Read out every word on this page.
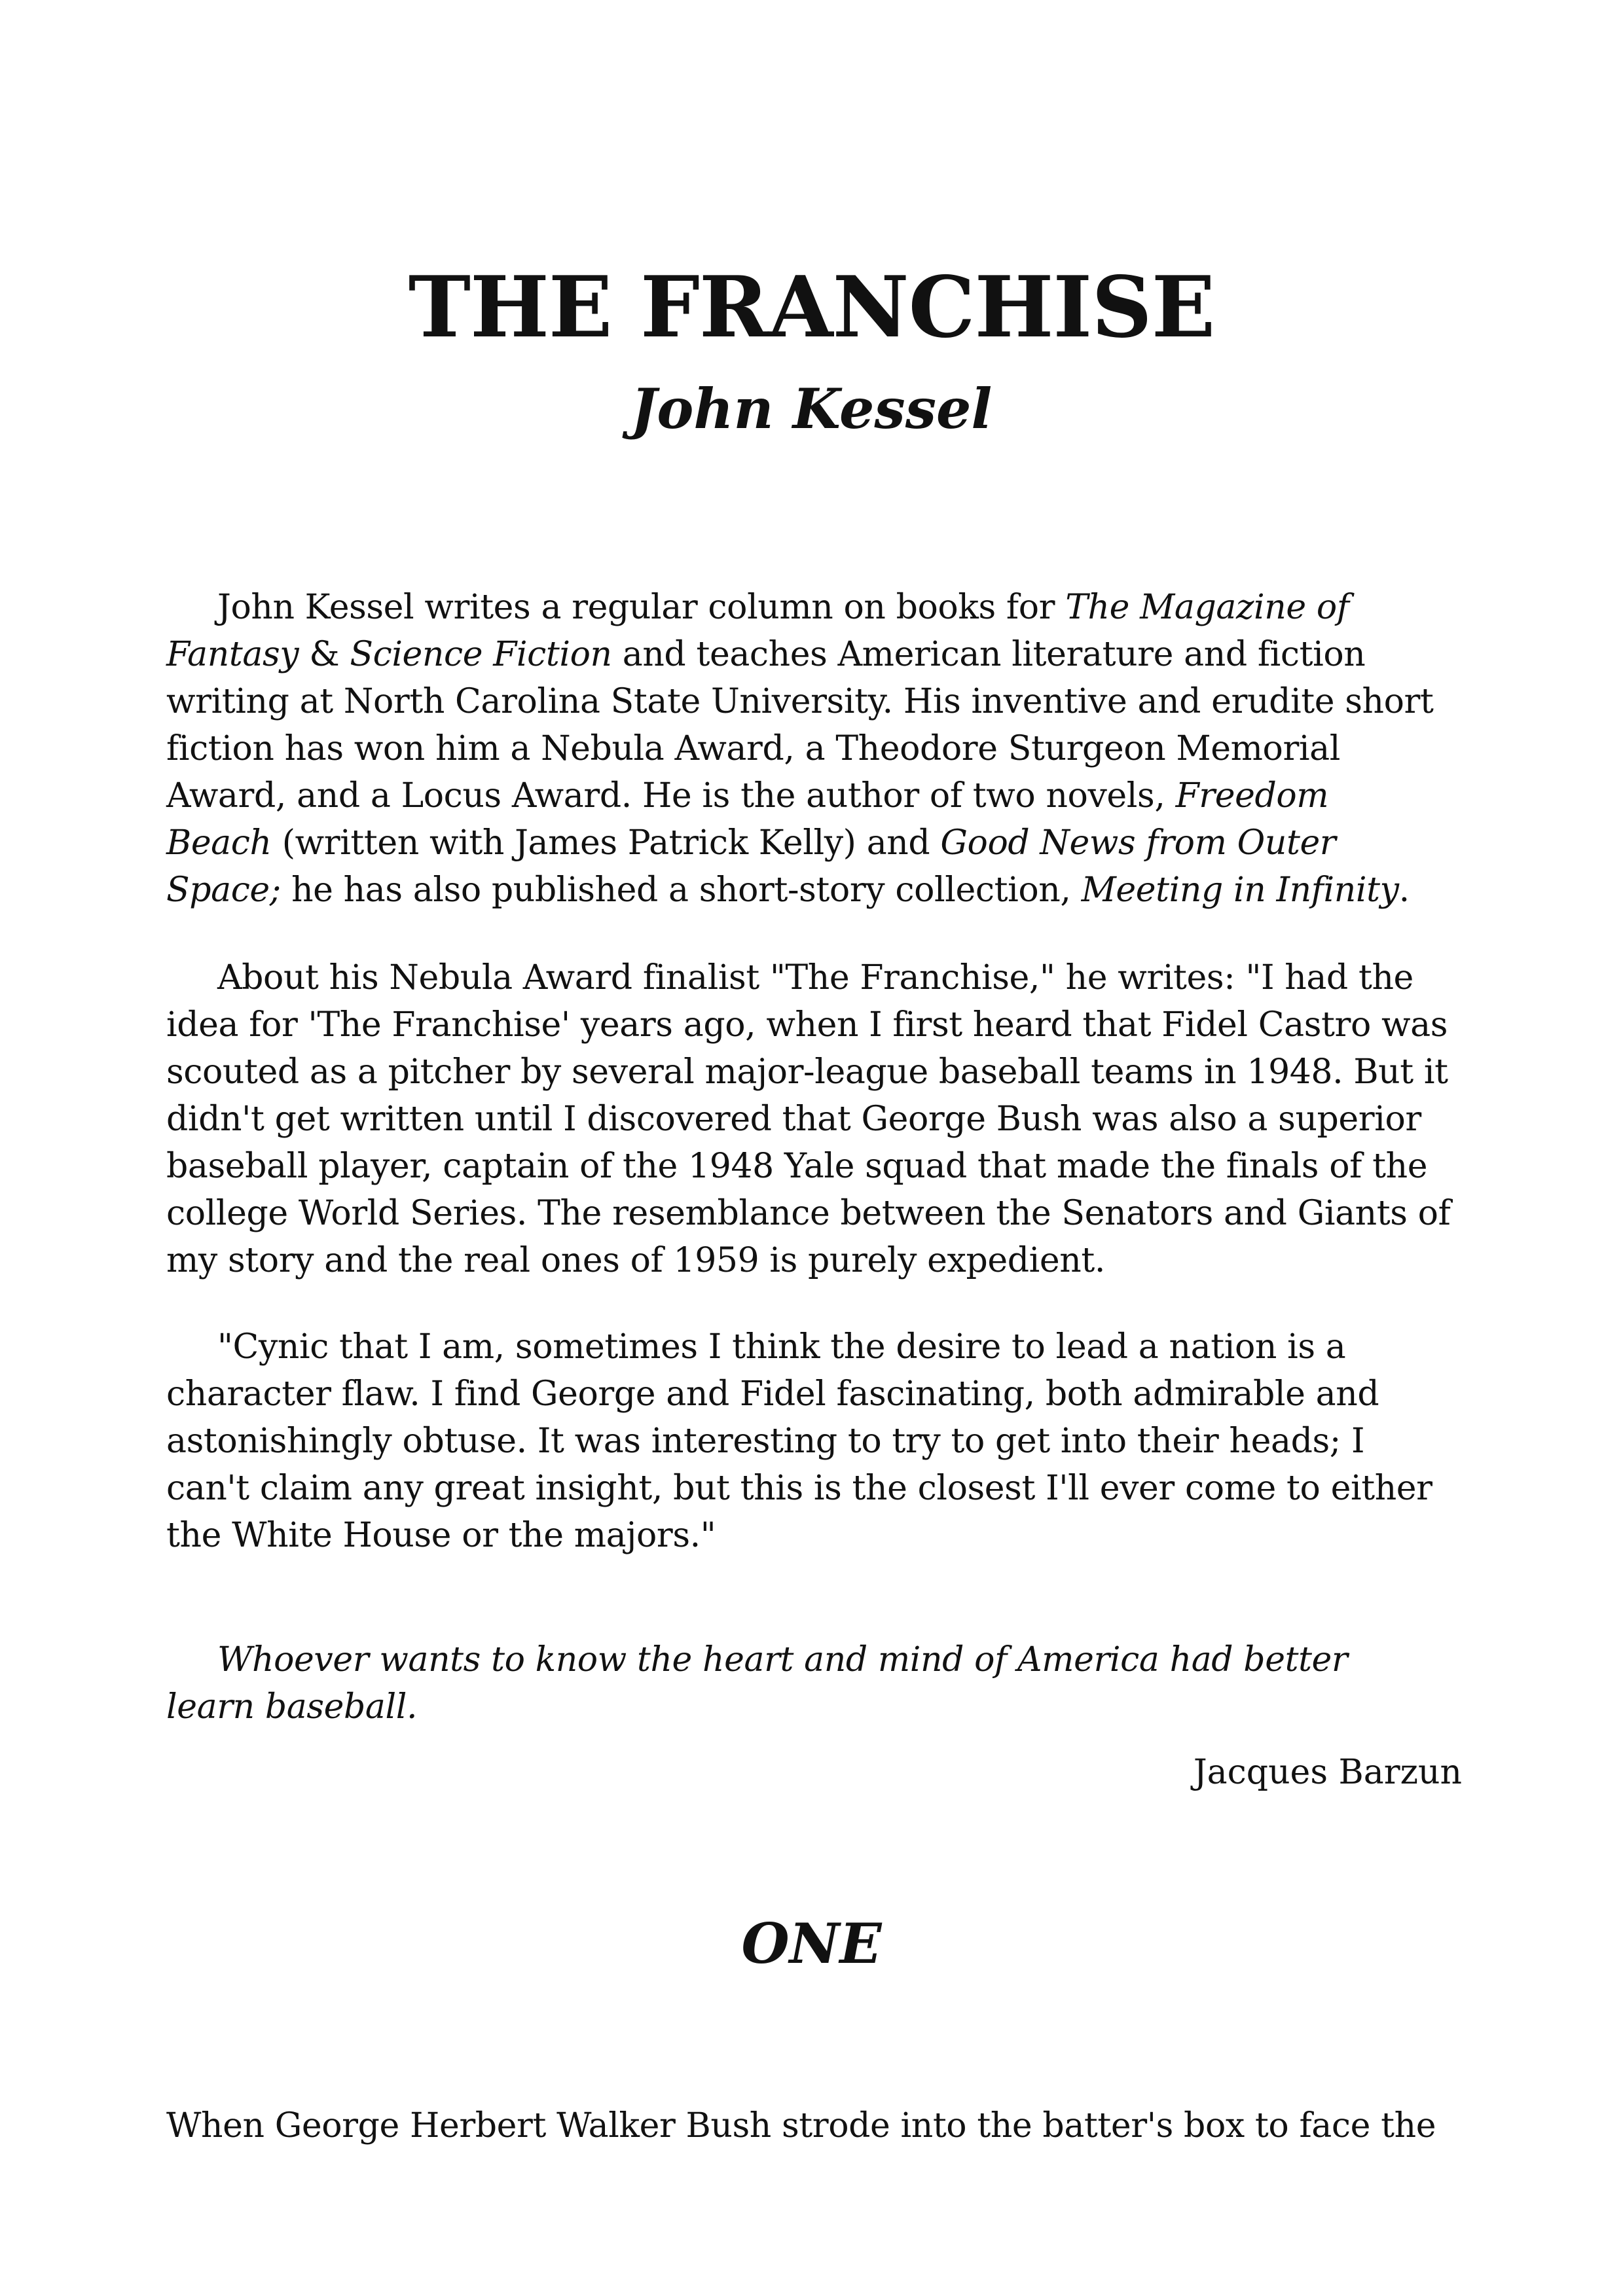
THE FRANCHISE
John Kessel
John Kessel writes a regular column on books for The Magazine of
Fantasy & Science Fiction and teaches American literature and fiction
writing at North Carolina State University. His inventive and erudite short
fiction has won him a Nebula Award, a Theodore Sturgeon Memorial
Award, and a Locus Award. He is the author of two novels, Freedom
Beach (written with James Patrick Kelly) and Good News from Outer
Space; he has also published a short-story collection, Meeting in Infinity.
About his Nebula Award finalist "The Franchise," he writes: "I had the
idea for 'The Franchise' years ago, when I first heard that Fidel Castro was
scouted as a pitcher by several major-league baseball teams in 1948. But it
didn't get written until I discovered that George Bush was also a superior
baseball player, captain of the 1948 Yale squad that made the finals of the
college World Series. The resemblance between the Senators and Giants of
my story and the real ones of 1959 is purely expedient.
"Cynic that I am, sometimes I think the desire to lead a nation is a
character flaw. I find George and Fidel fascinating, both admirable and
astonishingly obtuse. It was interesting to try to get into their heads; I
can't claim any great insight, but this is the closest I'll ever come to either
the White House or the majors."
Whoever wants to know the heart and mind of America had better
learn baseball.
Jacques Barzun
ONE
When George Herbert Walker Bush strode into the batter's box to face the
